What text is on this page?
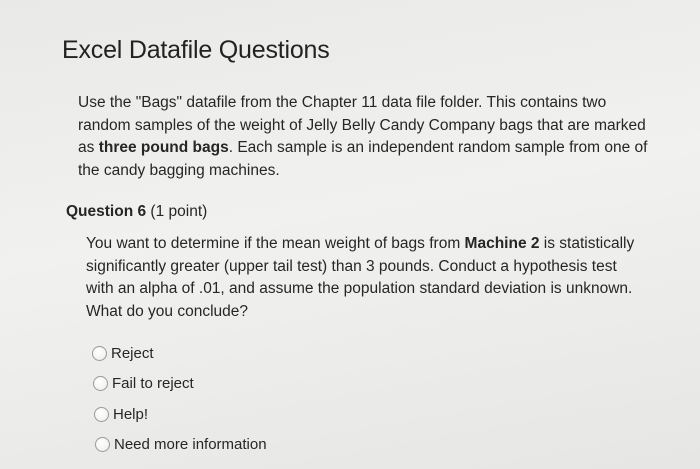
Excel Datafile Questions

Use the "Bags" datafile from the Chapter 11 data file folder. This contains two random samples of the weight of Jelly Belly Candy Company bags that are marked as three pound bags. Each sample is an independent random sample from one of the candy bagging machines.

Question 6 (1 point)

You want to determine if the mean weight of bags from Machine 2 is statistically significantly greater (upper tail test) than 3 pounds. Conduct a hypothesis test with an alpha of .01, and assume the population standard deviation is unknown. What do you conclude?

Reject
Fail to reject
Help!
Need more information
